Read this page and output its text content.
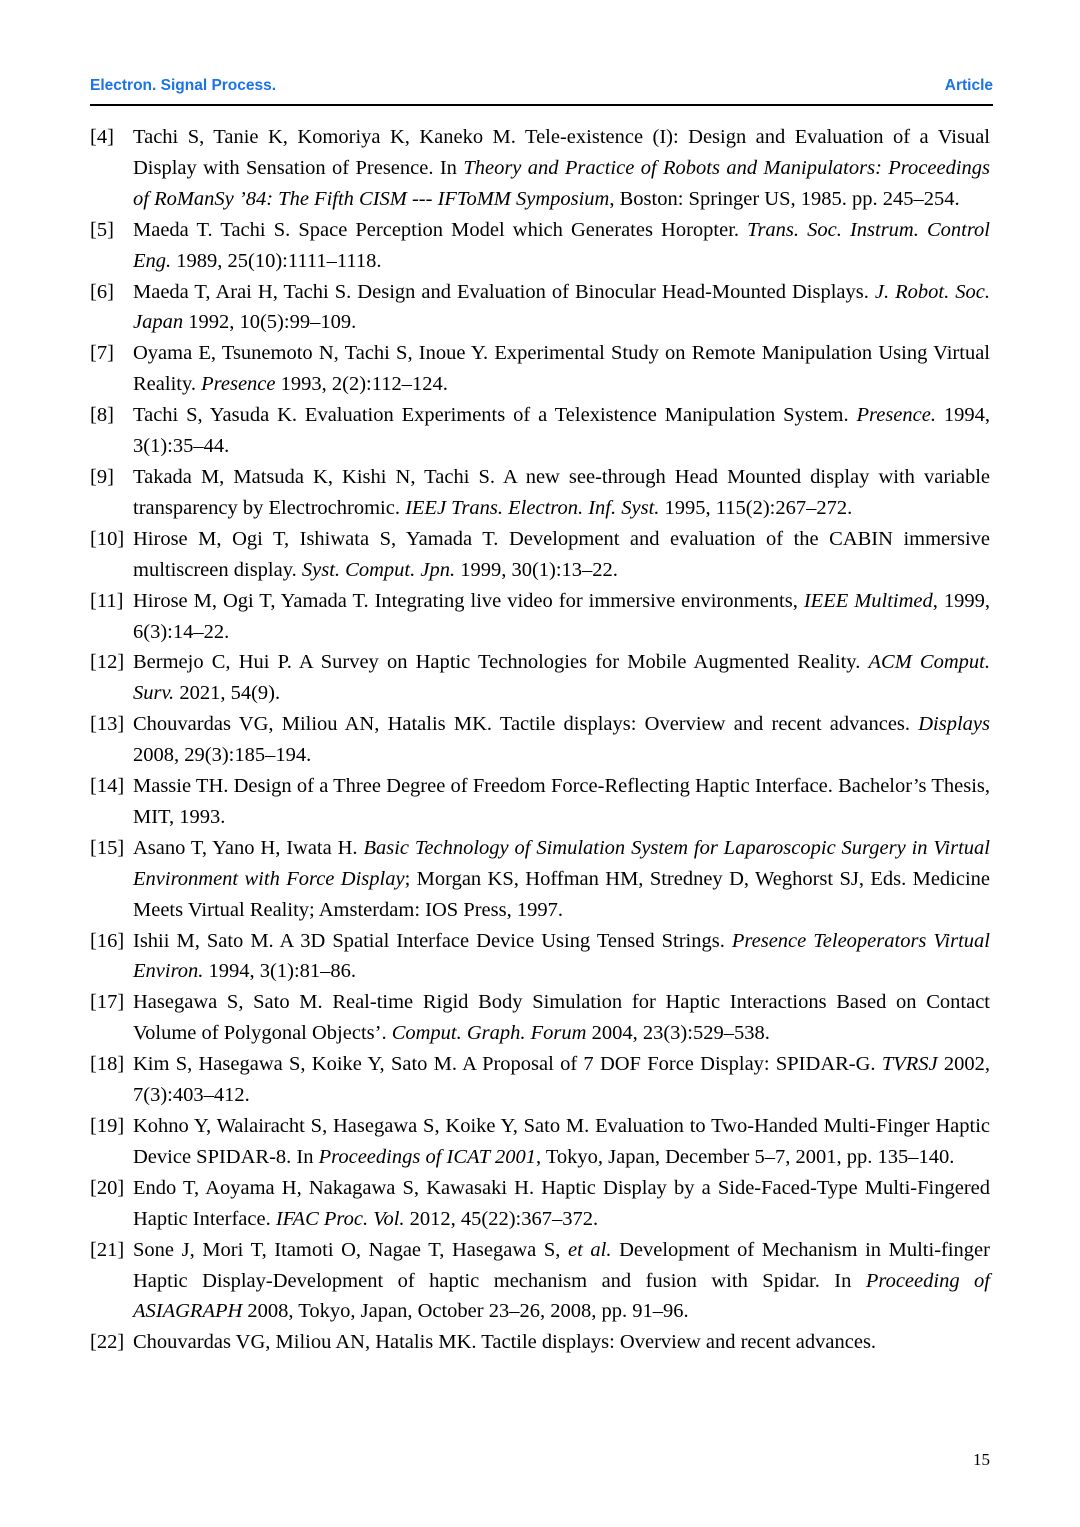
Electron. Signal Process.	Article
[4] Tachi S, Tanie K, Komoriya K, Kaneko M. Tele-existence (I): Design and Evaluation of a Visual Display with Sensation of Presence. In Theory and Practice of Robots and Manipulators: Proceedings of RoManSy ’84: The Fifth CISM --- IFToMM Symposium, Boston: Springer US, 1985. pp. 245–254.
[5] Maeda T. Tachi S. Space Perception Model which Generates Horopter. Trans. Soc. Instrum. Control Eng. 1989, 25(10):1111–1118.
[6] Maeda T, Arai H, Tachi S. Design and Evaluation of Binocular Head-Mounted Displays. J. Robot. Soc. Japan 1992, 10(5):99–109.
[7] Oyama E, Tsunemoto N, Tachi S, Inoue Y. Experimental Study on Remote Manipulation Using Virtual Reality. Presence 1993, 2(2):112–124.
[8] Tachi S, Yasuda K. Evaluation Experiments of a Telexistence Manipulation System. Presence. 1994, 3(1):35–44.
[9] Takada M, Matsuda K, Kishi N, Tachi S. A new see-through Head Mounted display with variable transparency by Electrochromic. IEEJ Trans. Electron. Inf. Syst. 1995, 115(2):267–272.
[10] Hirose M, Ogi T, Ishiwata S, Yamada T. Development and evaluation of the CABIN immersive multiscreen display. Syst. Comput. Jpn. 1999, 30(1):13–22.
[11] Hirose M, Ogi T, Yamada T. Integrating live video for immersive environments, IEEE Multimed, 1999, 6(3):14–22.
[12] Bermejo C, Hui P. A Survey on Haptic Technologies for Mobile Augmented Reality. ACM Comput. Surv. 2021, 54(9).
[13] Chouvardas VG, Miliou AN, Hatalis MK. Tactile displays: Overview and recent advances. Displays 2008, 29(3):185–194.
[14] Massie TH. Design of a Three Degree of Freedom Force-Reflecting Haptic Interface. Bachelor’s Thesis, MIT, 1993.
[15] Asano T, Yano H, Iwata H. Basic Technology of Simulation System for Laparoscopic Surgery in Virtual Environment with Force Display; Morgan KS, Hoffman HM, Stredney D, Weghorst SJ, Eds. Medicine Meets Virtual Reality; Amsterdam: IOS Press, 1997.
[16] Ishii M, Sato M. A 3D Spatial Interface Device Using Tensed Strings. Presence Teleoperators Virtual Environ. 1994, 3(1):81–86.
[17] Hasegawa S, Sato M. Real-time Rigid Body Simulation for Haptic Interactions Based on Contact Volume of Polygonal Objects’. Comput. Graph. Forum 2004, 23(3):529–538.
[18] Kim S, Hasegawa S, Koike Y, Sato M. A Proposal of 7 DOF Force Display: SPIDAR-G. TVRSJ 2002, 7(3):403–412.
[19] Kohno Y, Walairacht S, Hasegawa S, Koike Y, Sato M. Evaluation to Two-Handed Multi-Finger Haptic Device SPIDAR-8. In Proceedings of ICAT 2001, Tokyo, Japan, December 5–7, 2001, pp. 135–140.
[20] Endo T, Aoyama H, Nakagawa S, Kawasaki H. Haptic Display by a Side-Faced-Type Multi-Fingered Haptic Interface. IFAC Proc. Vol. 2012, 45(22):367–372.
[21] Sone J, Mori T, Itamoti O, Nagae T, Hasegawa S, et al. Development of Mechanism in Multi-finger Haptic Display-Development of haptic mechanism and fusion with Spidar. In Proceeding of ASIAGRAPH 2008, Tokyo, Japan, October 23–26, 2008, pp. 91–96.
[22] Chouvardas VG, Miliou AN, Hatalis MK. Tactile displays: Overview and recent advances.
15
